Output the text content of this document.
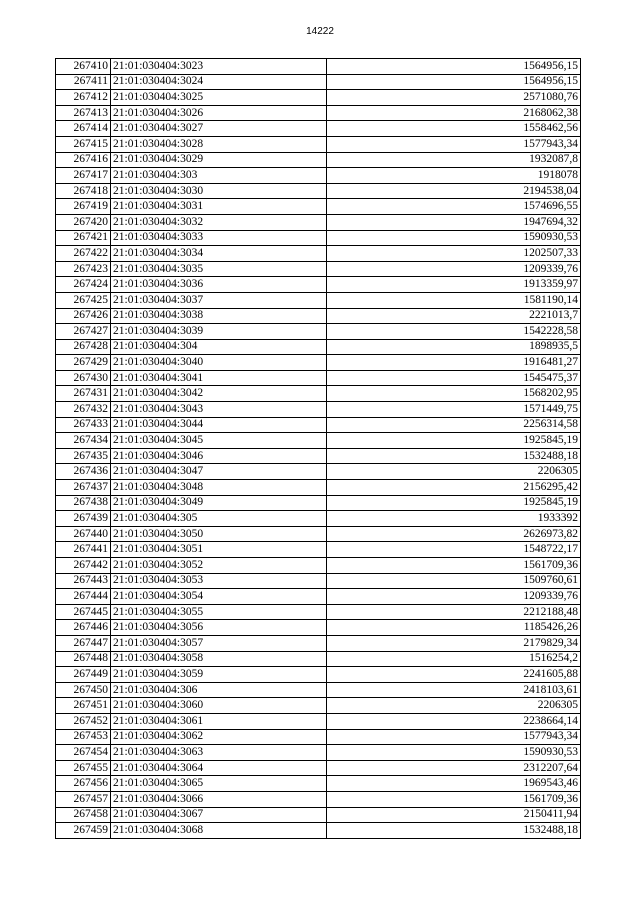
14222
267410	21:01:030404:3023	1564956,15
267411	21:01:030404:3024	1564956,15
267412	21:01:030404:3025	2571080,76
267413	21:01:030404:3026	2168062,38
267414	21:01:030404:3027	1558462,56
267415	21:01:030404:3028	1577943,34
267416	21:01:030404:3029	1932087,8
267417	21:01:030404:303	1918078
267418	21:01:030404:3030	2194538,04
267419	21:01:030404:3031	1574696,55
267420	21:01:030404:3032	1947694,32
267421	21:01:030404:3033	1590930,53
267422	21:01:030404:3034	1202507,33
267423	21:01:030404:3035	1209339,76
267424	21:01:030404:3036	1913359,97
267425	21:01:030404:3037	1581190,14
267426	21:01:030404:3038	2221013,7
267427	21:01:030404:3039	1542228,58
267428	21:01:030404:304	1898935,5
267429	21:01:030404:3040	1916481,27
267430	21:01:030404:3041	1545475,37
267431	21:01:030404:3042	1568202,95
267432	21:01:030404:3043	1571449,75
267433	21:01:030404:3044	2256314,58
267434	21:01:030404:3045	1925845,19
267435	21:01:030404:3046	1532488,18
267436	21:01:030404:3047	2206305
267437	21:01:030404:3048	2156295,42
267438	21:01:030404:3049	1925845,19
267439	21:01:030404:305	1933392
267440	21:01:030404:3050	2626973,82
267441	21:01:030404:3051	1548722,17
267442	21:01:030404:3052	1561709,36
267443	21:01:030404:3053	1509760,61
267444	21:01:030404:3054	1209339,76
267445	21:01:030404:3055	2212188,48
267446	21:01:030404:3056	1185426,26
267447	21:01:030404:3057	2179829,34
267448	21:01:030404:3058	1516254,2
267449	21:01:030404:3059	2241605,88
267450	21:01:030404:306	2418103,61
267451	21:01:030404:3060	2206305
267452	21:01:030404:3061	2238664,14
267453	21:01:030404:3062	1577943,34
267454	21:01:030404:3063	1590930,53
267455	21:01:030404:3064	2312207,64
267456	21:01:030404:3065	1969543,46
267457	21:01:030404:3066	1561709,36
267458	21:01:030404:3067	2150411,94
267459	21:01:030404:3068	1532488,18
